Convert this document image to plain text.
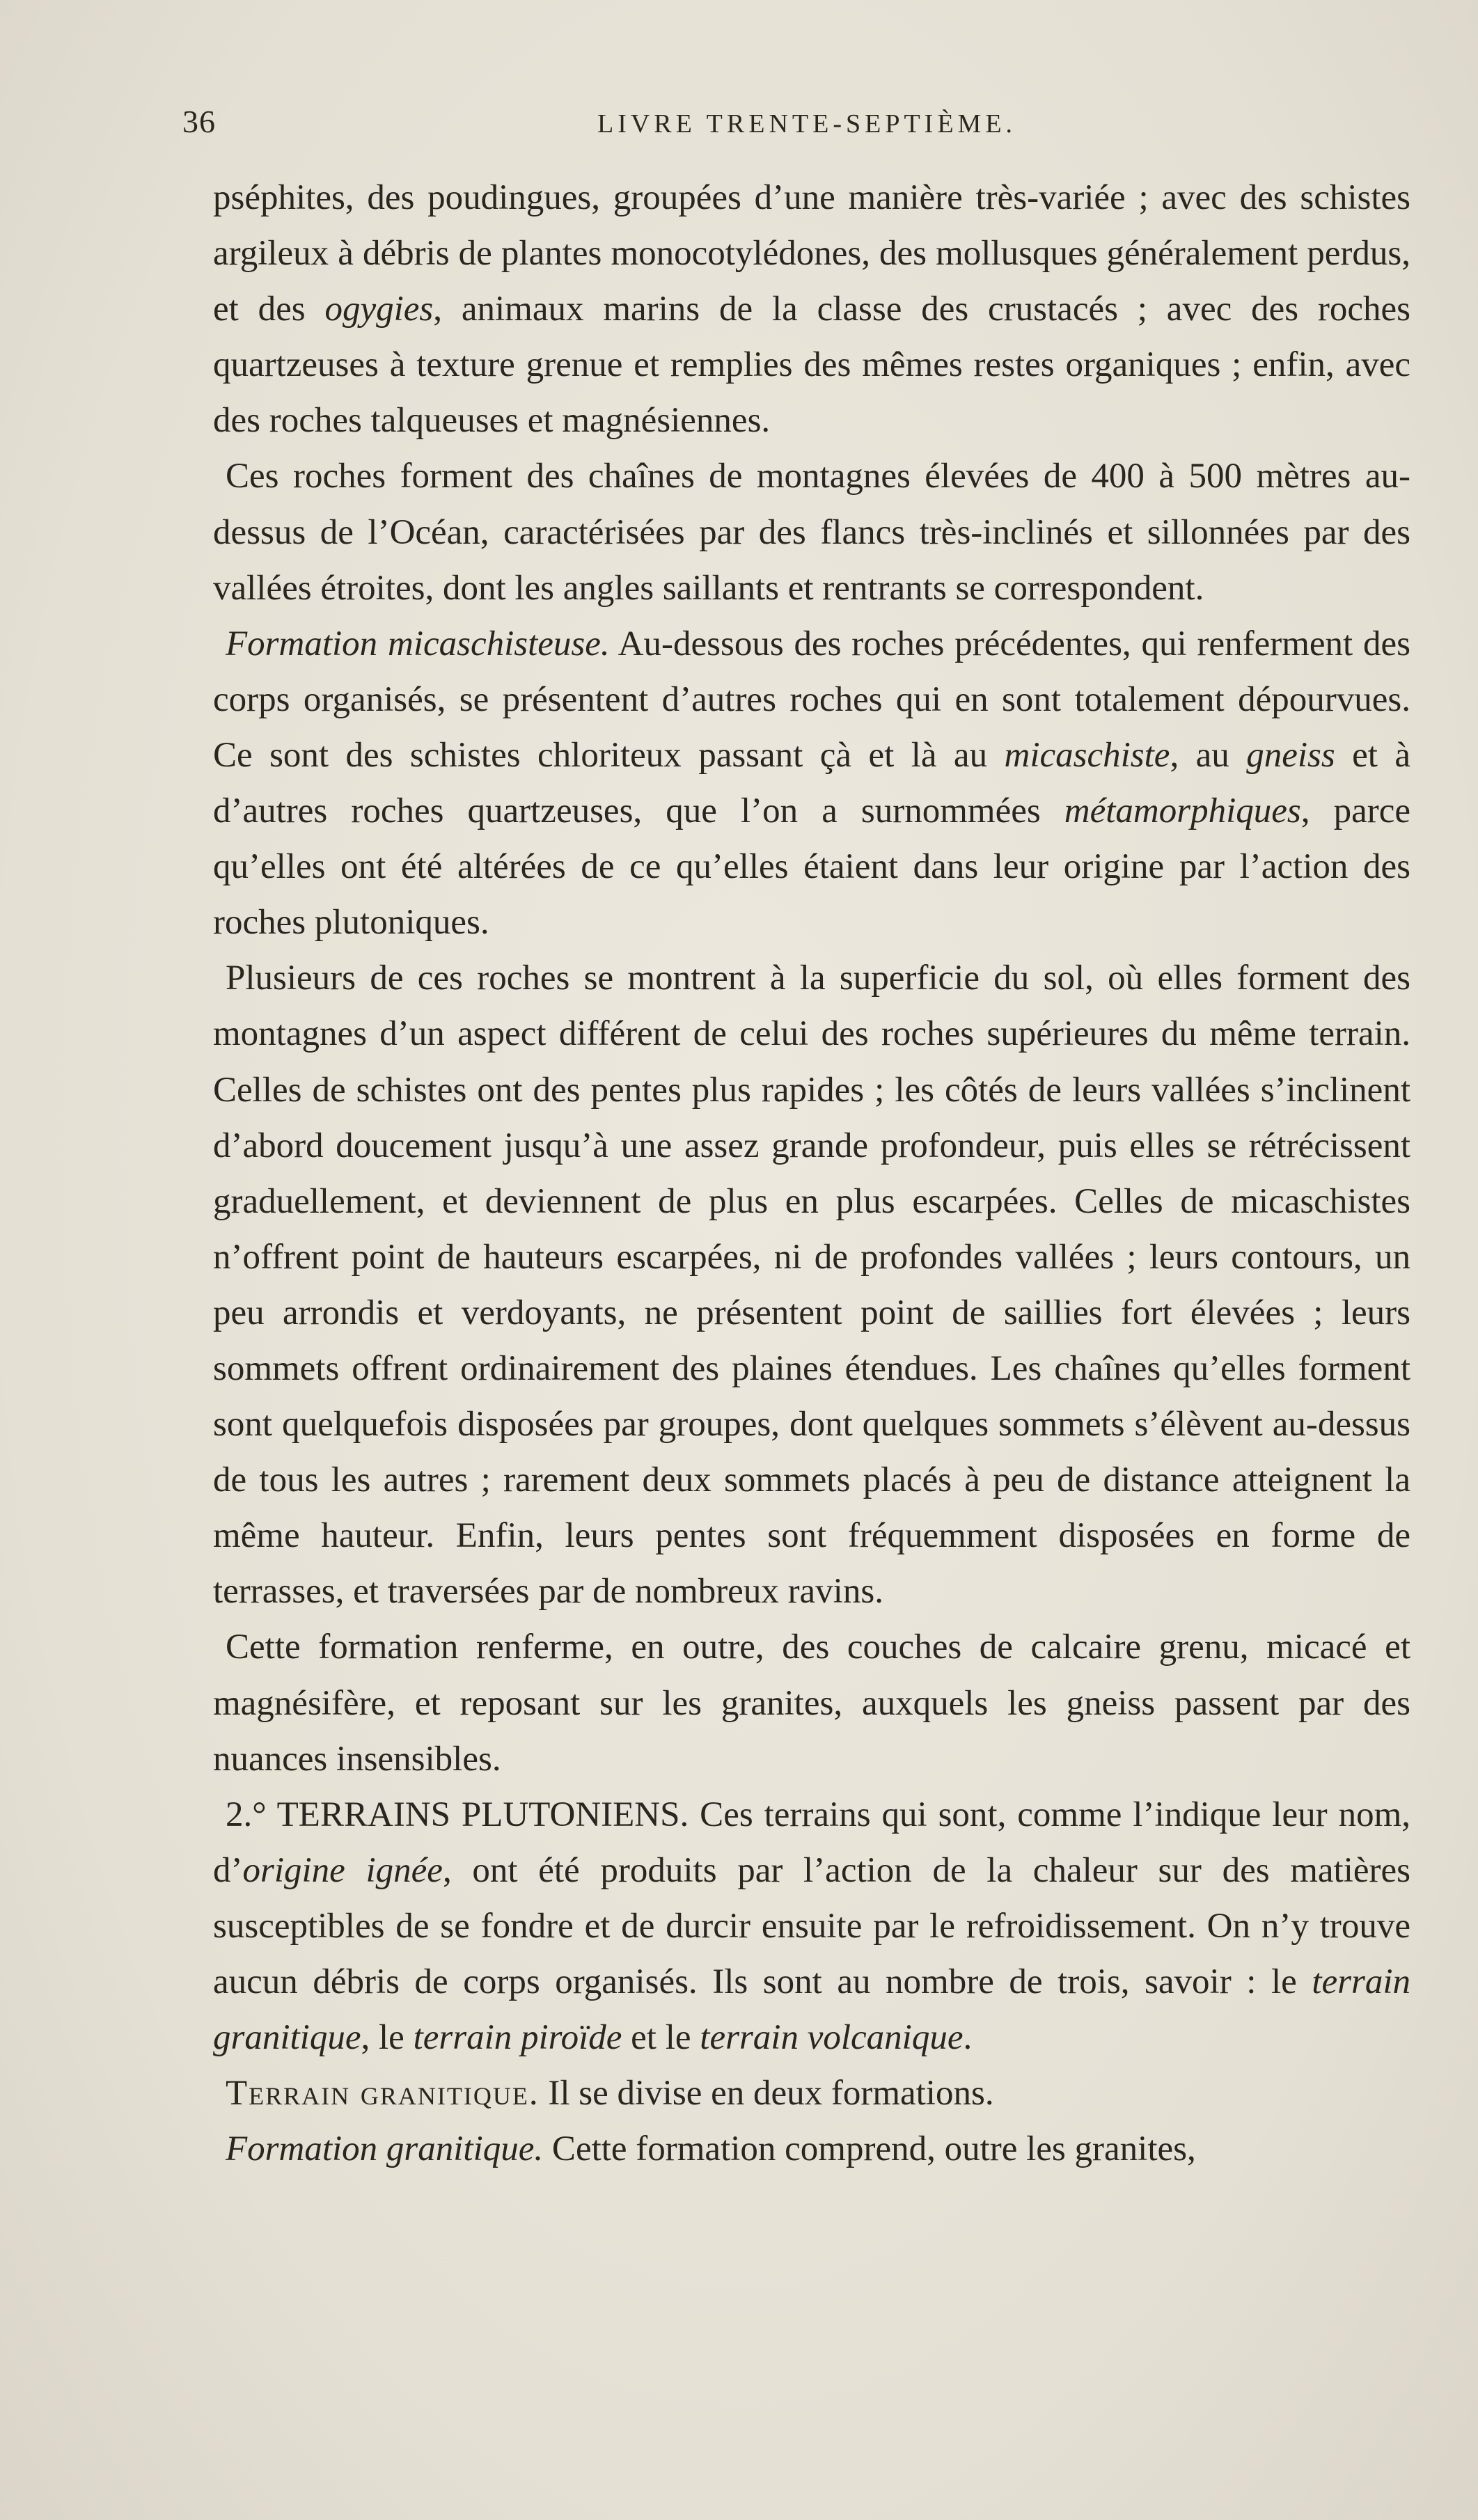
36	LIVRE TRENTE-SEPTIÈME.

pséphites, des poudingues, groupées d’une manière très-variée ; avec des schistes argileux à débris de plantes monocotylédones, des mollusques généralement perdus, et des ogygies, animaux marins de la classe des crustacés ; avec des roches quartzeuses à texture grenue et remplies des mêmes restes organiques ; enfin, avec des roches talqueuses et magnésiennes.

Ces roches forment des chaînes de montagnes élevées de 400 à 500 mètres au-dessus de l’Océan, caractérisées par des flancs très-inclinés et sillonnées par des vallées étroites, dont les angles saillants et rentrants se correspondent.

Formation micaschisteuse. Au-dessous des roches précédentes, qui renferment des corps organisés, se présentent d’autres roches qui en sont totalement dépourvues. Ce sont des schistes chloriteux passant çà et là au micaschiste, au gneiss et à d’autres roches quartzeuses, que l’on a surnommées métamorphiques, parce qu’elles ont été altérées de ce qu’elles étaient dans leur origine par l’action des roches plutoniques.

Plusieurs de ces roches se montrent à la superficie du sol, où elles forment des montagnes d’un aspect différent de celui des roches supérieures du même terrain. Celles de schistes ont des pentes plus rapides ; les côtés de leurs vallées s’inclinent d’abord doucement jusqu’à une assez grande profondeur, puis elles se rétrécissent graduellement, et deviennent de plus en plus escarpées. Celles de micaschistes n’offrent point de hauteurs escarpées, ni de profondes vallées ; leurs contours, un peu arrondis et verdoyants, ne présentent point de saillies fort élevées ; leurs sommets offrent ordinairement des plaines étendues. Les chaînes qu’elles forment sont quelquefois disposées par groupes, dont quelques sommets s’élèvent au-dessus de tous les autres ; rarement deux sommets placés à peu de distance atteignent la même hauteur. Enfin, leurs pentes sont fréquemment disposées en forme de terrasses, et traversées par de nombreux ravins.

Cette formation renferme, en outre, des couches de calcaire grenu, micacé et magnésifère, et reposant sur les granites, auxquels les gneiss passent par des nuances insensibles.

2.° TERRAINS PLUTONIENS. Ces terrains qui sont, comme l’indique leur nom, d’origine ignée, ont été produits par l’action de la chaleur sur des matières susceptibles de se fondre et de durcir ensuite par le refroidissement. On n’y trouve aucun débris de corps organisés. Ils sont au nombre de trois, savoir : le terrain granitique, le terrain piroïde et le terrain volcanique.

Terrain granitique. Il se divise en deux formations.

Formation granitique. Cette formation comprend, outre les granites,
